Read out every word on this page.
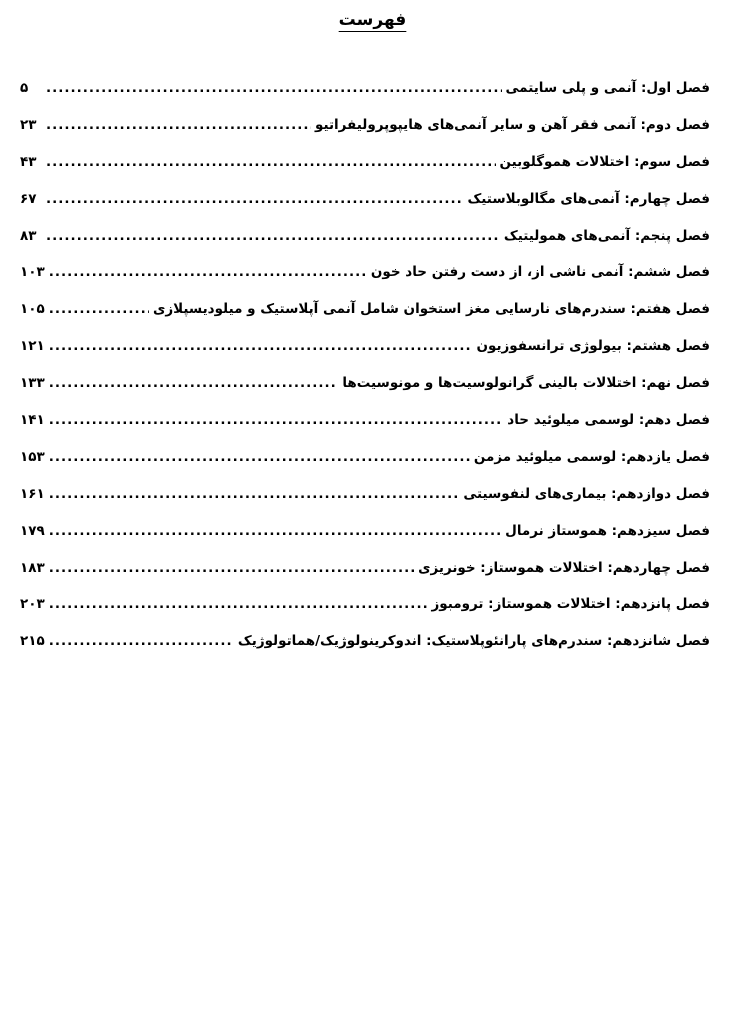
فهرست
فصل اول: آنمی و پلی سایتمی
.....
۵
فصل دوم: آنمی فقر آهن و سایر آنمی‌های هایپوپرولیفراتیو
.....
۲۳
فصل سوم: اختلالات هموگلوبین
.....
۴۳
فصل چهارم: آنمی‌های مگالوبلاستیک
.....
۶۷
فصل پنجم: آنمی‌های همولیتیک
.....
۸۳
فصل ششم: آنمی ناشی از، از دست رفتن حاد خون
.....
۱۰۳
فصل هفتم: سندرم‌های نارسایی مغز استخوان شامل آنمی آپلاستیک و میلودیسپلازی
.....
۱۰۵
فصل هشتم: بیولوژی ترانسفوزیون
.....
۱۲۱
فصل نهم: اختلالات بالینی گرانولوسیت‌ها و مونوسیت‌ها
.....
۱۳۳
فصل دهم: لوسمی میلوئید حاد
.....
۱۴۱
فصل یازدهم: لوسمی میلوئید مزمن
.....
۱۵۳
فصل دوازدهم: بیماری‌های لنفوسیتی
.....
۱۶۱
فصل سیزدهم: هموستاز نرمال
.....
۱۷۹
فصل چهاردهم: اختلالات هموستاز: خونریزی
.....
۱۸۳
فصل پانزدهم: اختلالات هموستاز: ترومبوز
.....
۲۰۳
فصل شانزدهم: سندرم‌های پارانئوپلاستیک: اندوکرینولوژیک/هماتولوژیک
.....
۲۱۵
